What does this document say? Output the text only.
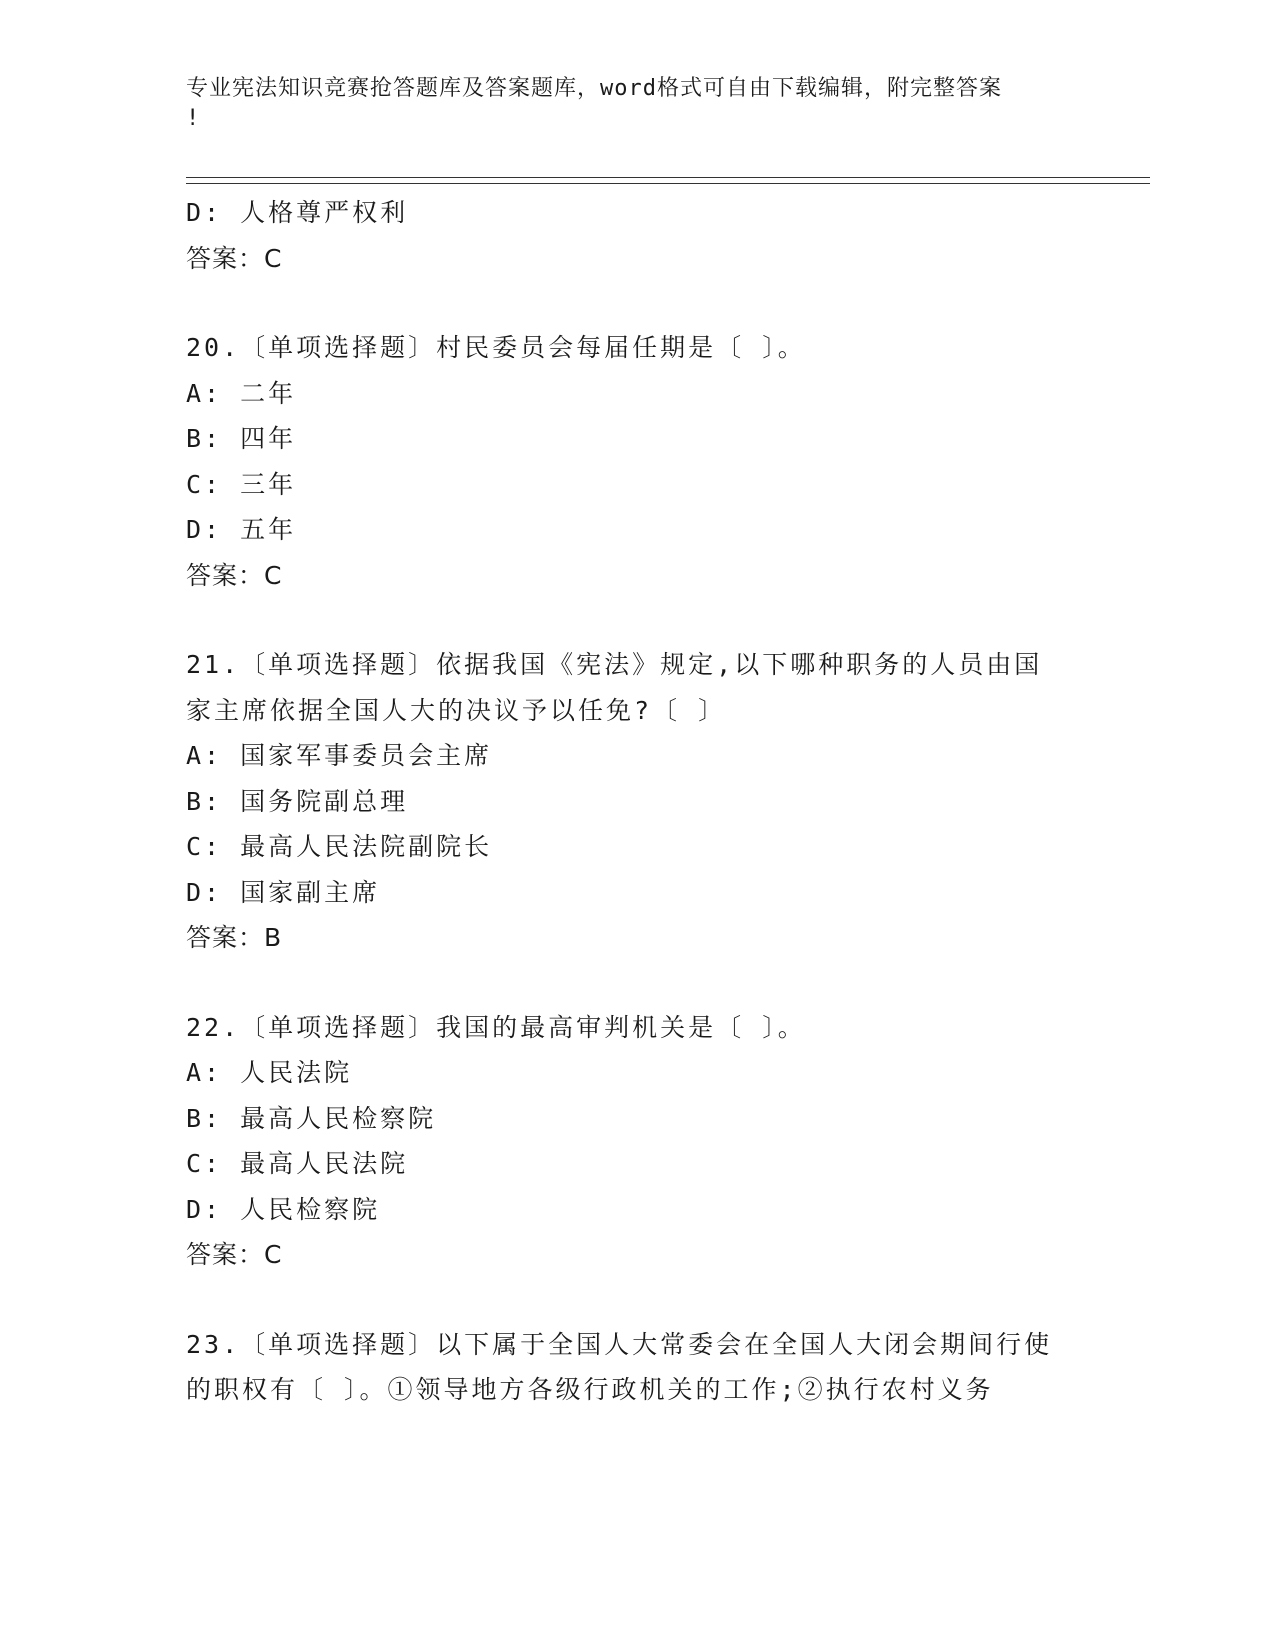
专业宪法知识竞赛抢答题库及答案题库，word格式可自由下载编辑，附完整答案
!
D: 人格尊严权利
答案：C
20.〔单项选择题〕村民委员会每届任期是〔 〕。
A: 二年
B: 四年
C: 三年
D: 五年
答案：C
21.〔单项选择题〕依据我国《宪法》规定,以下哪种职务的人员由国
家主席依据全国人大的决议予以任免?〔 〕
A: 国家军事委员会主席
B: 国务院副总理
C: 最高人民法院副院长
D: 国家副主席
答案：B
22.〔单项选择题〕我国的最高审判机关是〔 〕。
A: 人民法院
B: 最高人民检察院
C: 最高人民法院
D: 人民检察院
答案：C
23.〔单项选择题〕以下属于全国人大常委会在全国人大闭会期间行使
的职权有〔 〕。①领导地方各级行政机关的工作;②执行农村义务
